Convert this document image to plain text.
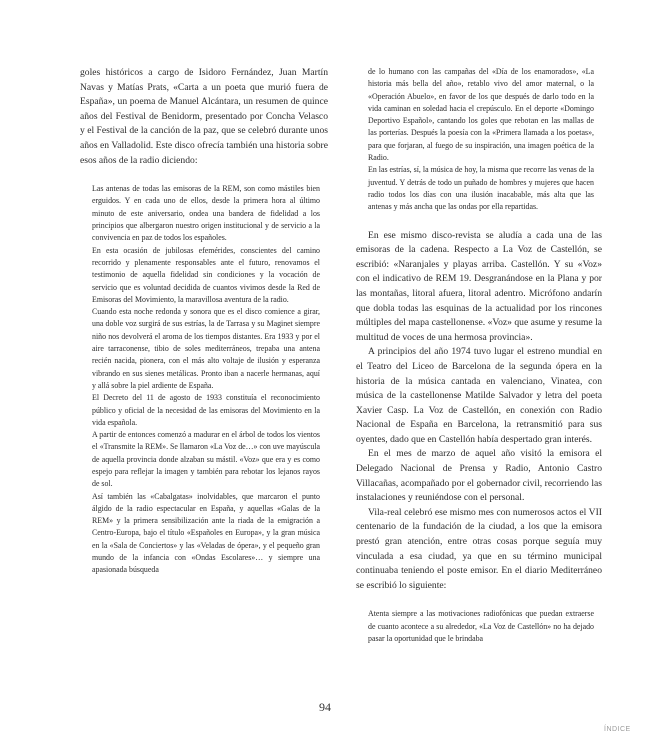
goles históricos a cargo de Isidoro Fernández, Juan Martín Navas y Matías Prats, «Carta a un poeta que murió fuera de España», un poema de Manuel Alcántara, un resumen de quince años del Festival de Benidorm, presentado por Concha Velasco y el Festival de la canción de la paz, que se celebró durante unos años en Valladolid. Este disco ofrecía también una historia sobre esos años de la radio diciendo:

Las antenas de todas las emisoras de la REM, son como mástiles bien erguidos. Y en cada uno de ellos, desde la primera hora al último minuto de este aniversario, ondea una bandera de fidelidad a los principios que albergaron nuestro origen institucional y de servicio a la convivencia en paz de todos los españoles.

En esta ocasión de jubilosas efemérides, conscientes del camino recorrido y plenamente responsables ante el futuro, renovamos el testimonio de aquella fidelidad sin condiciones y la vocación de servicio que es voluntad decidida de cuantos vivimos desde la Red de Emisoras del Movimiento, la maravillosa aventura de la radio.

Cuando esta noche redonda y sonora que es el disco comience a girar, una doble voz surgirá de sus estrías, la de Tarrasa y su Maginet siempre niño nos devolverá el aroma de los tiempos distantes. Era 1933 y por el aire tarraconense, tibio de soles mediterráneos, trepaba una antena recién nacida, pionera, con el más alto voltaje de ilusión y esperanza vibrando en sus sienes metálicas. Pronto iban a nacerle hermanas, aquí y allá sobre la piel ardiente de España.

El Decreto del 11 de agosto de 1933 constituía el reconocimiento público y oficial de la necesidad de las emisoras del Movimiento en la vida española.

A partir de entonces comenzó a madurar en el árbol de todos los vientos el «Transmite la REM». Se llamaron «La Voz de…» con uve mayúscula de aquella provincia donde alzaban su mástil. «Voz» que era y es como espejo para reflejar la imagen y también para rebotar los lejanos rayos de sol.

Así también las «Cabalgatas» inolvidables, que marcaron el punto álgido de la radio espectacular en España, y aquellas «Galas de la REM» y la primera sensibilización ante la riada de la emigración a Centro-Europa, bajo el título «Españoles en Europa», y la gran música en la «Sala de Conciertos» y las «Veladas de ópera», y el pequeño gran mundo de la infancia con «Ondas Escolares»… y siempre una apasionada búsqueda

de lo humano con las campañas del «Día de los enamorados», «La historia más bella del año», retablo vivo del amor maternal, o la «Operación Abuelo», en favor de los que después de darlo todo en la vida caminan en soledad hacia el crepúsculo. En el deporte «Domingo Deportivo Español», cantando los goles que rebotan en las mallas de las porterías. Después la poesía con la «Primera llamada a los poetas», para que forjaran, al fuego de su inspiración, una imagen poética de la Radio.

En las estrías, sí, la música de hoy, la misma que recorre las venas de la juventud. Y detrás de todo un puñado de hombres y mujeres que hacen radio todos los días con una ilusión inacabable, más alta que las antenas y más ancha que las ondas por ella repartidas.

En ese mismo disco-revista se aludía a cada una de las emisoras de la cadena. Respecto a La Voz de Castellón, se escribió: «Naranjales y playas arriba. Castellón. Y su «Voz» con el indicativo de REM 19. Desgranándose en la Plana y por las montañas, litoral afuera, litoral adentro. Micrófono andarín que dobla todas las esquinas de la actualidad por los rincones múltiples del mapa castellonense. «Voz» que asume y resume la multitud de voces de una hermosa provincia».

A principios del año 1974 tuvo lugar el estreno mundial en el Teatro del Liceo de Barcelona de la segunda ópera en la historia de la música cantada en valenciano, Vinatea, con música de la castellonense Matilde Salvador y letra del poeta Xavier Casp. La Voz de Castellón, en conexión con Radio Nacional de España en Barcelona, la retransmitió para sus oyentes, dado que en Castellón había despertado gran interés.

En el mes de marzo de aquel año visitó la emisora el Delegado Nacional de Prensa y Radio, Antonio Castro Villacañas, acompañado por el gobernador civil, recorriendo las instalaciones y reuniéndose con el personal.

Vila-real celebró ese mismo mes con numerosos actos el VII centenario de la fundación de la ciudad, a los que la emisora prestó gran atención, entre otras cosas porque seguía muy vinculada a esa ciudad, ya que en su término municipal continuaba teniendo el poste emisor. En el diario Mediterráneo se escribió lo siguiente:

Atenta siempre a las motivaciones radiofónicas que puedan extraerse de cuanto acontece a su alrededor, «La Voz de Castellón» no ha dejado pasar la oportunidad que le brindaba

94
ÍNDICE
